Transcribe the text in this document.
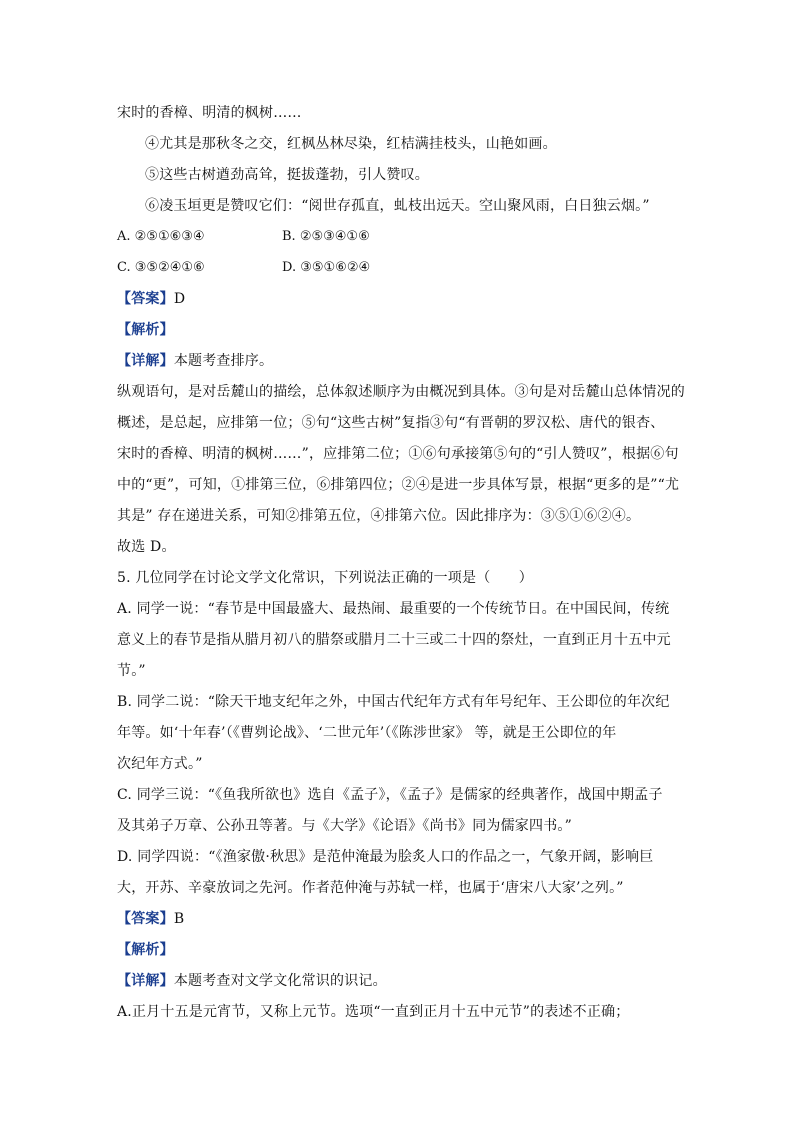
宋时的香樟、明清的枫树……
④尤其是那秋冬之交，红枫丛林尽染，红桔满挂枝头，山艳如画。
⑤这些古树遒劲高耸，挺拔蓬勃，引人赞叹。
⑥凌玉垣更是赞叹它们：“阅世存孤直，虬枝出远天。空山聚风雨，白日独云烟。”
A. ②⑤①⑥③④	B. ②⑤③④①⑥
C. ③⑤②④①⑥	D. ③⑤①⑥②④
【答案】D
【解析】
【详解】本题考查排序。
纵观语句，是对岳麓山的描绘，总体叙述顺序为由概况到具体。③句是对岳麓山总体情况的
概述，是总起，应排第一位；⑤句“这些古树”复指③句“有晋朝的罗汉松、唐代的银杏、
宋时的香樟、明清的枫树……”，应排第二位；①⑥句承接第⑤句的“引人赞叹”，根据⑥句
中的“更”，可知，①排第三位，⑥排第四位；②④是进一步具体写景，根据“更多的是”“尤
其是” 存在递进关系，可知②排第五位，④排第六位。因此排序为：③⑤①⑥②④。
故选 D。
5. 几位同学在讨论文学文化常识，下列说法正确的一项是（　　）
A. 同学一说：“春节是中国最盛大、最热闹、最重要的一个传统节日。在中国民间，传统
意义上的春节是指从腊月初八的腊祭或腊月二十三或二十四的祭灶，一直到正月十五中元
节。”
B. 同学二说：“除天干地支纪年之外，中国古代纪年方式有年号纪年、王公即位的年次纪
年等。如‘十年春’（《曹刿论战》、‘二世元年’（《陈涉世家》 等，就是王公即位的年
次纪年方式。”
C. 同学三说：“《鱼我所欲也》选自《孟子》，《孟子》是儒家的经典著作，战国中期孟子
及其弟子万章、公孙丑等著。与《大学》《论语》《尚书》同为儒家四书。”
D. 同学四说：“《渔家傲·秋思》是范仲淹最为脍炙人口的作品之一，气象开阔，影响巨
大，开苏、辛豪放词之先河。作者范仲淹与苏轼一样，也属于‘唐宋八大家’之列。”
【答案】B
【解析】
【详解】本题考查对文学文化常识的识记。
A.正月十五是元宵节，又称上元节。选项“一直到正月十五中元节”的表述不正确；
